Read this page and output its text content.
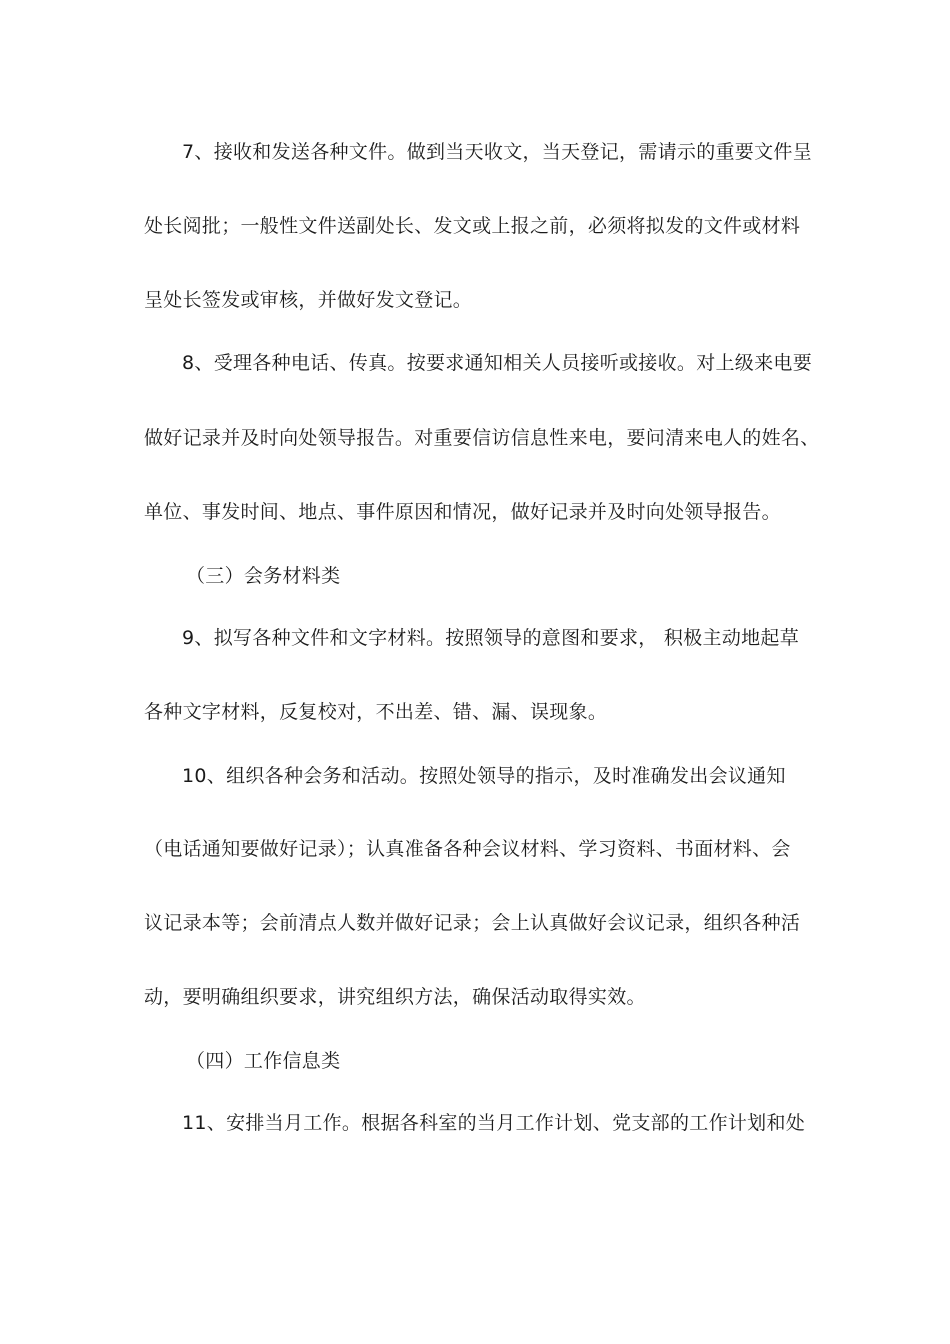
7、接收和发送各种文件。做到当天收文，当天登记，需请示的重要文件呈
处长阅批；一般性文件送副处长、发文或上报之前，必须将拟发的文件或材料
呈处长签发或审核，并做好发文登记。
8、受理各种电话、传真。按要求通知相关人员接听或接收。对上级来电要
做好记录并及时向处领导报告。对重要信访信息性来电，要问清来电人的姓名、
单位、事发时间、地点、事件原因和情况，做好记录并及时向处领导报告。
（三）会务材料类
9、拟写各种文件和文字材料。按照领导的意图和要求， 积极主动地起草
各种文字材料，反复校对，不出差、错、漏、误现象。
10、组织各种会务和活动。按照处领导的指示，及时准确发出会议通知
（电话通知要做好记录）；认真准备各种会议材料、学习资料、书面材料、会
议记录本等；会前清点人数并做好记录；会上认真做好会议记录，组织各种活
动，要明确组织要求，讲究组织方法，确保活动取得实效。
（四）工作信息类
11、安排当月工作。根据各科室的当月工作计划、党支部的工作计划和处
